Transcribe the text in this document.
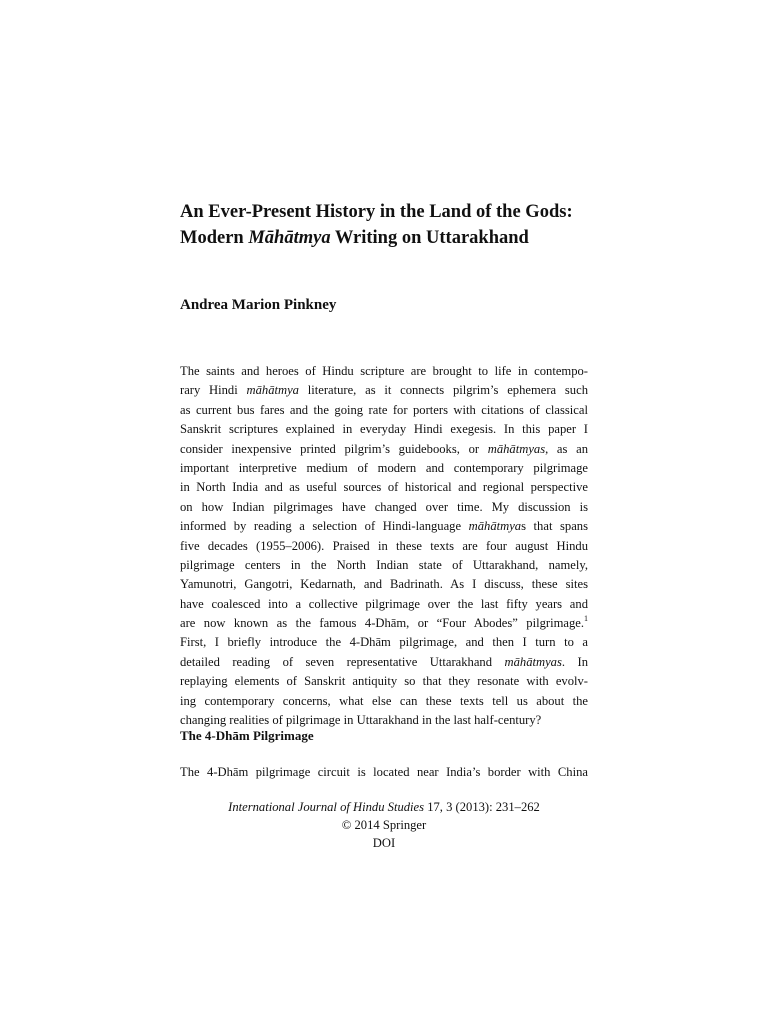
An Ever-Present History in the Land of the Gods:
Modern Māhātmya Writing on Uttarakhand
Andrea Marion Pinkney
The saints and heroes of Hindu scripture are brought to life in contempo-
rary Hindi māhātmya literature, as it connects pilgrim’s ephemera such
as current bus fares and the going rate for porters with citations of classical
Sanskrit scriptures explained in everyday Hindi exegesis. In this paper I
consider inexpensive printed pilgrim’s guidebooks, or māhātmyas, as an
important interpretive medium of modern and contemporary pilgrimage
in North India and as useful sources of historical and regional perspective
on how Indian pilgrimages have changed over time. My discussion is
informed by reading a selection of Hindi-language māhātmyas that spans
five decades (1955–2006). Praised in these texts are four august Hindu
pilgrimage centers in the North Indian state of Uttarakhand, namely,
Yamunotri, Gangotri, Kedarnath, and Badrinath. As I discuss, these sites
have coalesced into a collective pilgrimage over the last fifty years and
are now known as the famous 4-Dhām, or “Four Abodes” pilgrimage.$^1$
First, I briefly introduce the 4-Dhām pilgrimage, and then I turn to a
detailed reading of seven representative Uttarakhand māhātmyas. In
replaying elements of Sanskrit antiquity so that they resonate with evolv-
ing contemporary concerns, what else can these texts tell us about the
changing realities of pilgrimage in Uttarakhand in the last half-century?
The 4-Dhām Pilgrimage
The 4-Dhām pilgrimage circuit is located near India’s border with China
International Journal of Hindu Studies 17, 3 (2013): 231–262
© 2014 Springer
DOI
